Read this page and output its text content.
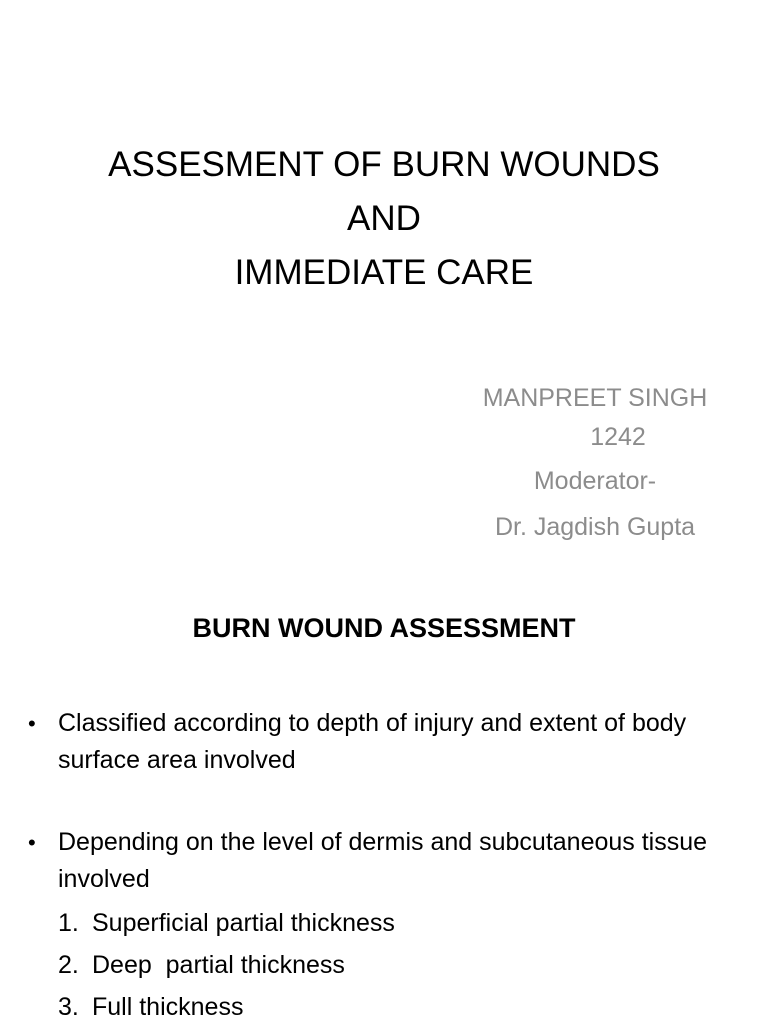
ASSESMENT OF BURN WOUNDS
AND
IMMEDIATE CARE
MANPREET SINGH
1242
Moderator-
Dr. Jagdish Gupta
BURN WOUND ASSESSMENT
• Classified according to depth of injury and extent of body surface area involved
• Depending on the level of dermis and subcutaneous tissue involved
1. Superficial partial thickness
2. Deep  partial thickness
3. Full thickness
